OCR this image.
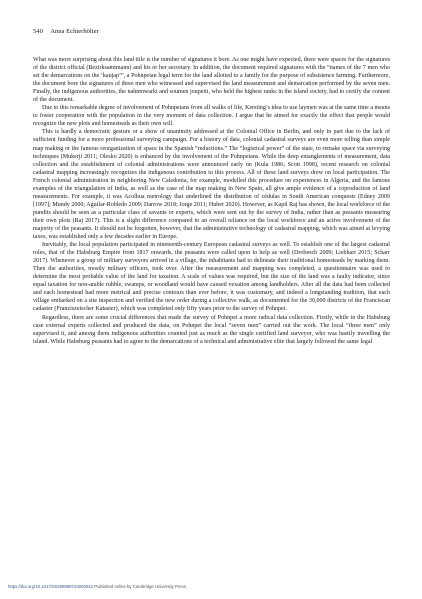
540 Anna Echterhölter

What was more surprising about this land title is the number of signatures it bore. As one might have expected, there were spaces for the signatures of the district official (Bezirksamtmann) and his or her secretary. In addition, the document required signatures with the “names of the 7 men who set the demarcations on the ‘kaujap’”, a Pohnpeian legal term for the land allotted to a family for the purpose of subsistence farming. Furthermore, the document bore the signatures of three men who witnessed and supervised the land measurement and demarcation performed by the seven men. Finally, the indigenous authorities, the nahnmwarki and soumen joupeiti, who held the highest ranks in the island society, had to certify the content of the document.

Due to this remarkable degree of involvement of Pohnpeians from all walks of life, Kersting’s idea to use laymen was at the same time a means to foster cooperation with the population in the very moment of data collection. I argue that he aimed for exactly the effect that people would recognize the new plots and homesteads as their own will.

This is hardly a democratic gesture or a show of unanimity addressed at the Colonial Office in Berlin, and only in part due to the lack of sufficient funding for a more professional surveying campaign. For a history of data, colonial cadastral surveys are even more telling than simple map making or the famous reorganization of space in the Spanish “reductions.” The “logistical power” of the state, to remake space via surveying techniques (Mukerji 2011; Oleskо 2020) is enhanced by the involvement of the Pohnpeians. While the deep entanglements of measurement, data collection and the establishment of colonial administrations were announced early on (Kula 1986; Scott 1998), recent research on colonial cadastral mapping increasingly recognizes the indigenous contribution to this process. All of these land surveys drew on local participation. The French colonial administration in neighboring New Caledonia, for example, modelled this procedure on experiences in Algeria, and the famous examples of the triangulation of India, as well as the case of the map making in New Spain, all give ample evidence of a coproduction of land measurements. For example, it was Acolhua metrology that underlined the distribution of cédulas in South American conquests (Edney 2009 [1997]; Mundy 2000; Aguilar-Robledo 2009; Darrow 2018; Jorge 2011; Huber 2020). However, as Kapil Raj has shown, the local workforce of the pundits should be seen as a particular class of savants or experts, which were sent out by the survey of India, rather than as peasants measuring their own plots (Raj 2017). This is a slight difference compared to an overall reliance on the local workforce and an active involvement of the majority of the peasants. It should not be forgotten, however, that the administrative technology of cadastral mapping, which was aimed at levying taxes, was established only a few decades earlier in Europe.

Inevitably, the local population participated in nineteenth-century European cadastral surveys as well. To establish one of the largest cadastral roles, that of the Habsburg Empire from 1817 onwards, the peasants were called upon to help as well (Drobesch 2009; Liebhart 2015; Scharr 2017). Whenever a group of military surveyors arrived in a village, the inhabitants had to delineate their traditional homesteads by marking them. Then the authorities, mostly military officers, took over. After the measurement and mapping was completed, a questionnaire was used to determine the most probable value of the land for taxation. A scale of values was required, but the size of the land was a faulty indicator, since equal taxation for non-arable rubble, swamps, or woodland would have caused vexation among landholders. After all the data had been collected and each homestead had more metrical and precise contours than ever before, it was customary, and indeed a longstanding tradition, that each village embarked on a site inspection and verified the new order during a collective walk, as documented for the 30,000 districts of the Franciscan cadaster (Franziszeischer Kataster), which was completed only fifty years prior to the survey of Pohnpei.

Regardless, there are some crucial differences that made the survey of Pohnpei a more radical data collection. Firstly, while in the Habsburg case external experts collected and produced the data, on Pohnpei the local “seven men” carried out the work. The local “three men” only supervised it, and among them indigenous authorities counted just as much as the single certified land surveyor, who was hastily travelling the island. While Habsburg peasants had to agree to the demarcations of a technical and administrative elite that largely followed the same legal

https://doi.org/10.1017/S0269889723000042 Published online by Cambridge University Press
